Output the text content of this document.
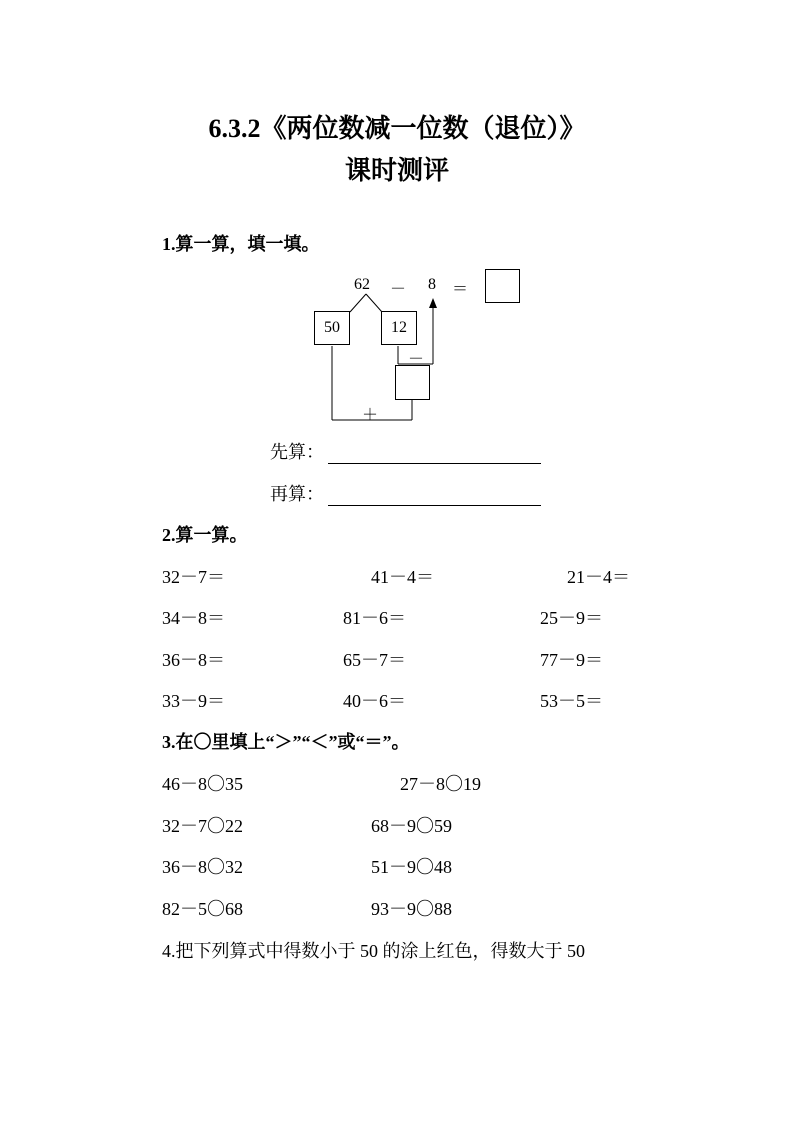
6.3.2《两位数减一位数（退位）》
课时测评
1.算一算，填一填。
62 － 8 ＝
50	12
－
＋
先算：
再算：
2.算一算。
32－7＝	41－4＝	21－4＝
34－8＝	81－6＝	25－9＝
36－8＝	65－7＝	77－9＝
33－9＝	40－6＝	53－5＝
3.在〇里填上“＞”“＜”或“＝”。
46－8〇35	27－8〇19
32－7〇22	68－9〇59
36－8〇32	51－9〇48
82－5〇68	93－9〇88
4.把下列算式中得数小于 50 的涂上红色，得数大于 50
